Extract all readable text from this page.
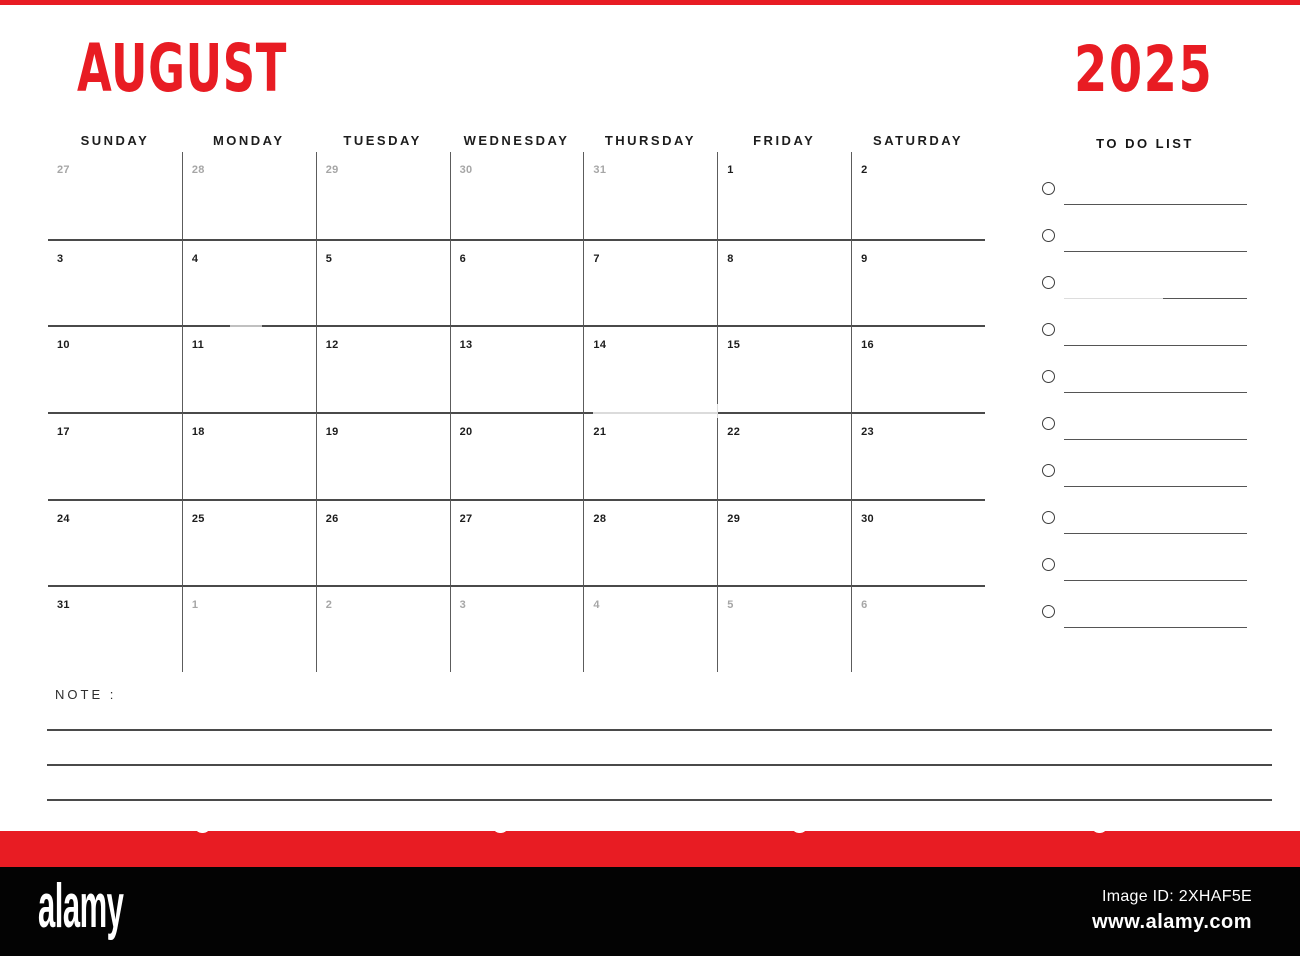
AUGUST	2025
SUNDAY	MONDAY	TUESDAY	WEDNESDAY	THURSDAY	FRIDAY	SATURDAY
27	28	29	30	31	1	2
3	4	5	6	7	8	9
10	11	12	13	14	15	16
17	18	19	20	21	22	23
24	25	26	27	28	29	30
31	1	2	3	4	5	6
TO DO LIST
NOTE :
alamy	Image ID: 2XHAF5E
www.alamy.com
